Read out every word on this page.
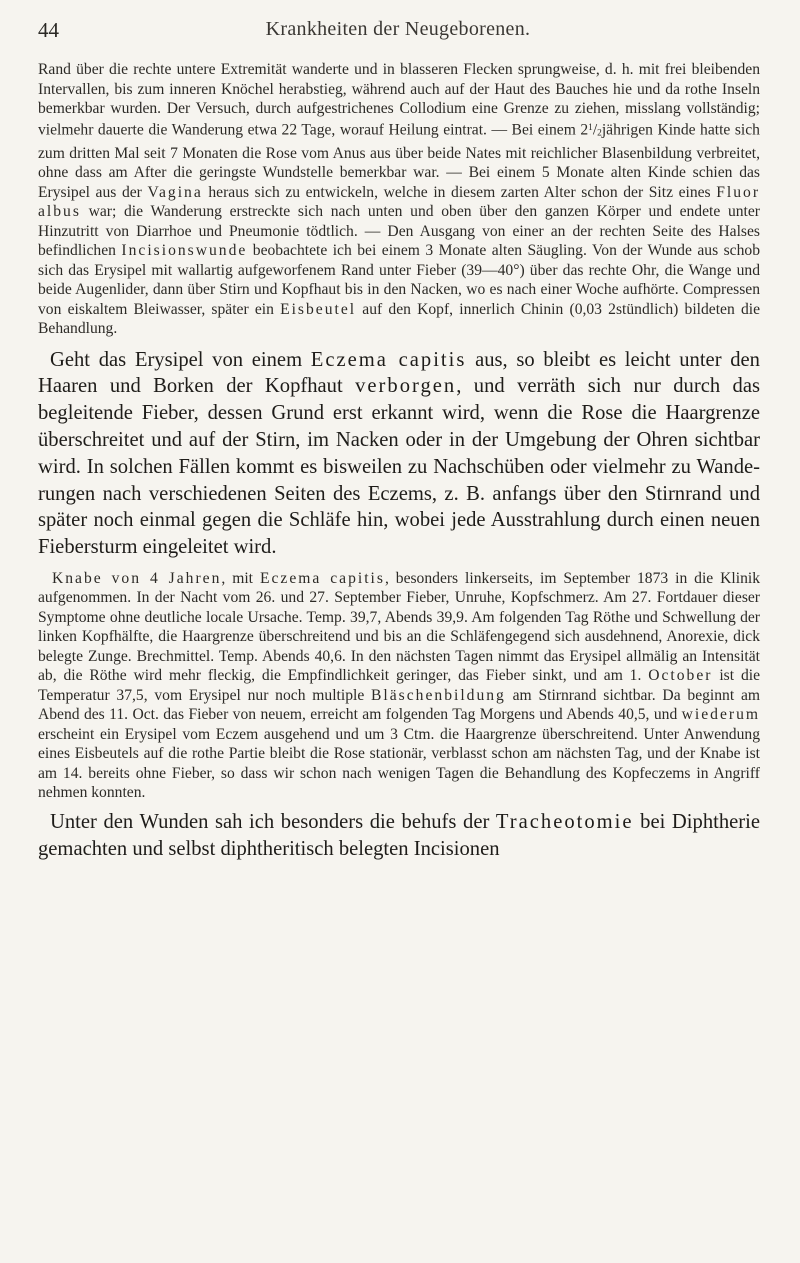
44	Krankheiten der Neugeborenen.

Rand über die rechte untere Extremität wanderte und in blasseren Flecken sprungweise, d. h. mit frei bleibenden Intervallen, bis zum inneren Knöchel herabstieg, während auch auf der Haut des Bauches hie und da rothe Inseln bemerkbar wurden. Der Versuch, durch aufgestrichenes Collodium eine Grenze zu ziehen, misslang vollständig; vielmehr dauerte die Wanderung etwa 22 Tage, worauf Heilung eintrat. — Bei einem $2^1/2jährigen$ Kinde hatte sich zum dritten Mal seit 7 Monaten die Rose vom Anus aus über beide Nates mit reichlicher Blasenbildung verbreitet, ohne dass am After die geringste Wundstelle bemerkbar war. — Bei einem 5 Monate alten Kinde schien das Erysipel aus der Vagina heraus sich zu entwickeln, welche in diesem zarten Alter schon der Sitz eines Fluor albus war; die Wanderung erstreckte sich nach unten und oben über den ganzen Körper und endete unter Hinzutritt von Diarrhoe und Pneumonie tödtlich. — Den Ausgang von einer an der rechten Seite des Halses befindlichen Incisionswunde beobachtete ich bei einem 3 Monate alten Säugling. Von der Wunde aus schob sich das Erysipel mit wallartig aufgeworfenem Rand unter Fieber (39—40°) über das rechte Ohr, die Wange und beide Augenlider, dann über Stirn und Kopfhaut bis in den Nacken, wo es nach einer Woche aufhörte. Compressen von eiskaltem Bleiwasser, später ein Eisbeutel auf den Kopf, innerlich Chinin (0,03 2stündlich) bildeten die Behandlung.

Geht das Erysipel von einem Eczema capitis aus, so bleibt es leicht unter den Haaren und Borken der Kopfhaut verborgen, und verräth sich nur durch das begleitende Fieber, dessen Grund erst erkannt wird, wenn die Rose die Haargrenze überschreitet und auf der Stirn, im Nacken oder in der Umgebung der Ohren sichtbar wird. In solchen Fällen kommt es bisweilen zu Nachschüben oder vielmehr zu Wanderungen nach verschiedenen Seiten des Eczems, z. B. anfangs über den Stirnrand und später noch einmal gegen die Schläfe hin, wobei jede Ausstrahlung durch einen neuen Fiebersturm eingeleitet wird.

Knabe von 4 Jahren, mit Eczema capitis, besonders linkerseits, im September 1873 in die Klinik aufgenommen. In der Nacht vom 26. und 27. September Fieber, Unruhe, Kopfschmerz. Am 27. Fortdauer dieser Symptome ohne deutliche locale Ursache. Temp. 39,7, Abends 39,9. Am folgenden Tag Röthe und Schwellung der linken Kopfhälfte, die Haargrenze überschreitend und bis an die Schläfengegend sich ausdehnend, Anorexie, dick belegte Zunge. Brechmittel. Temp. Abends 40,6. In den nächsten Tagen nimmt das Erysipel allmälig an Intensität ab, die Röthe wird mehr fleckig, die Empfindlichkeit geringer, das Fieber sinkt, und am 1. October ist die Temperatur 37,5, vom Erysipel nur noch multiple Bläschenbildung am Stirnrand sichtbar. Da beginnt am Abend des 11. Oct. das Fieber von neuem, erreicht am folgenden Tag Morgens und Abends 40,5, und wiederum erscheint ein Erysipel vom Eczem ausgehend und um 3 Ctm. die Haargrenze überschreitend. Unter Anwendung eines Eisbeutels auf die rothe Partie bleibt die Rose stationär, verblasst schon am nächsten Tag, und der Knabe ist am 14. bereits ohne Fieber, so dass wir schon nach wenigen Tagen die Behandlung des Kopfeczems in Angriff nehmen konnten.

Unter den Wunden sah ich besonders die behufs der Tracheotomie bei Diphtherie gemachten und selbst diphtheritisch belegten Incisionen
